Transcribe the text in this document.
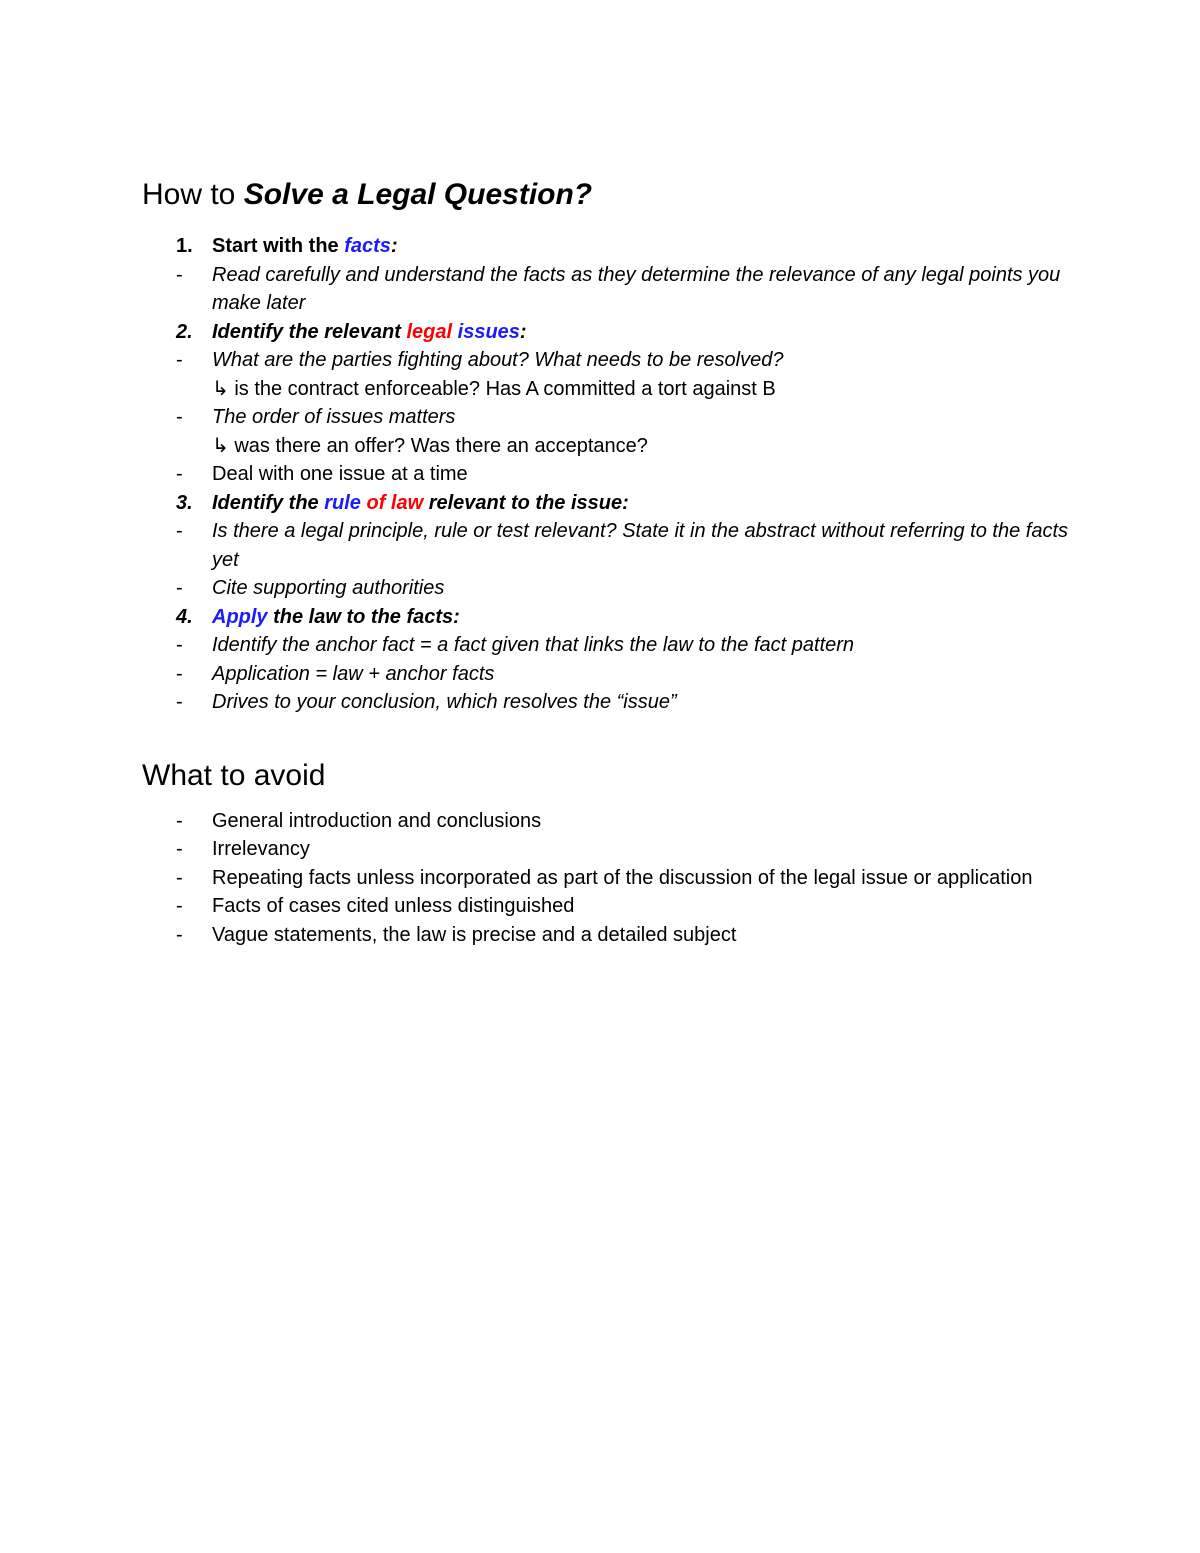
How to Solve a Legal Question?
1. Start with the facts:
- Read carefully and understand the facts as they determine the relevance of any legal points you make later
2. Identify the relevant legal issues:
- What are the parties fighting about? What needs to be resolved?
↳ is the contract enforceable? Has A committed a tort against B
- The order of issues matters
↳ was there an offer? Was there an acceptance?
- Deal with one issue at a time
3. Identify the rule of law relevant to the issue:
- Is there a legal principle, rule or test relevant? State it in the abstract without referring to the facts yet
- Cite supporting authorities
4. Apply the law to the facts:
- Identify the anchor fact = a fact given that links the law to the fact pattern
- Application = law + anchor facts
- Drives to your conclusion, which resolves the “issue”
What to avoid
- General introduction and conclusions
- Irrelevancy
- Repeating facts unless incorporated as part of the discussion of the legal issue or application
- Facts of cases cited unless distinguished
- Vague statements, the law is precise and a detailed subject
